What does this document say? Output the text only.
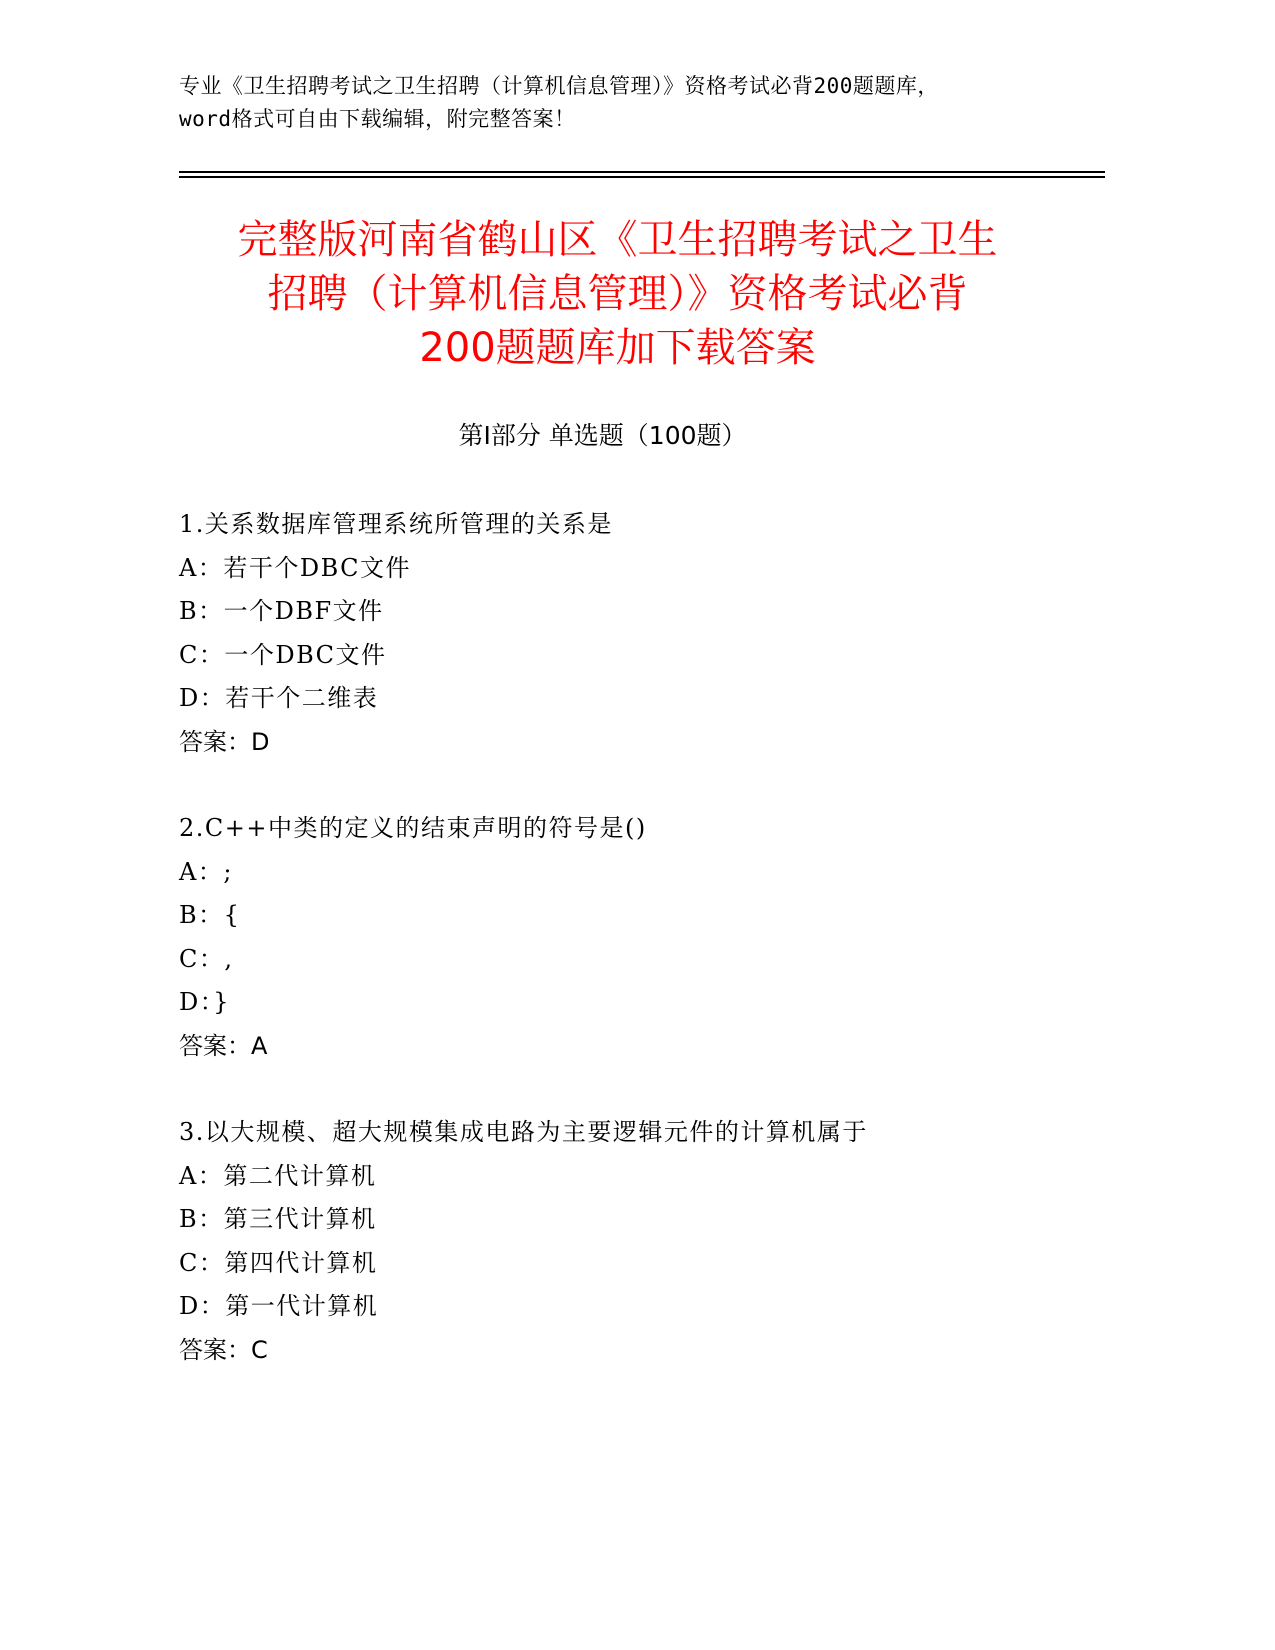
专业《卫生招聘考试之卫生招聘（计算机信息管理）》资格考试必背200题题库，
word格式可自由下载编辑，附完整答案！
完整版河南省鹤山区《卫生招聘考试之卫生
招聘（计算机信息管理）》资格考试必背
200题题库加下载答案
第Ⅰ部分 单选题（100题）
1.关系数据库管理系统所管理的关系是
A：若干个DBC文件
B：一个DBF文件
C：一个DBC文件
D：若干个二维表
答案：D
2.C++中类的定义的结束声明的符号是()
A：;
B：{
C：,
D：}
答案：A
3.以大规模、超大规模集成电路为主要逻辑元件的计算机属于
A：第二代计算机
B：第三代计算机
C：第四代计算机
D：第一代计算机
答案：C
